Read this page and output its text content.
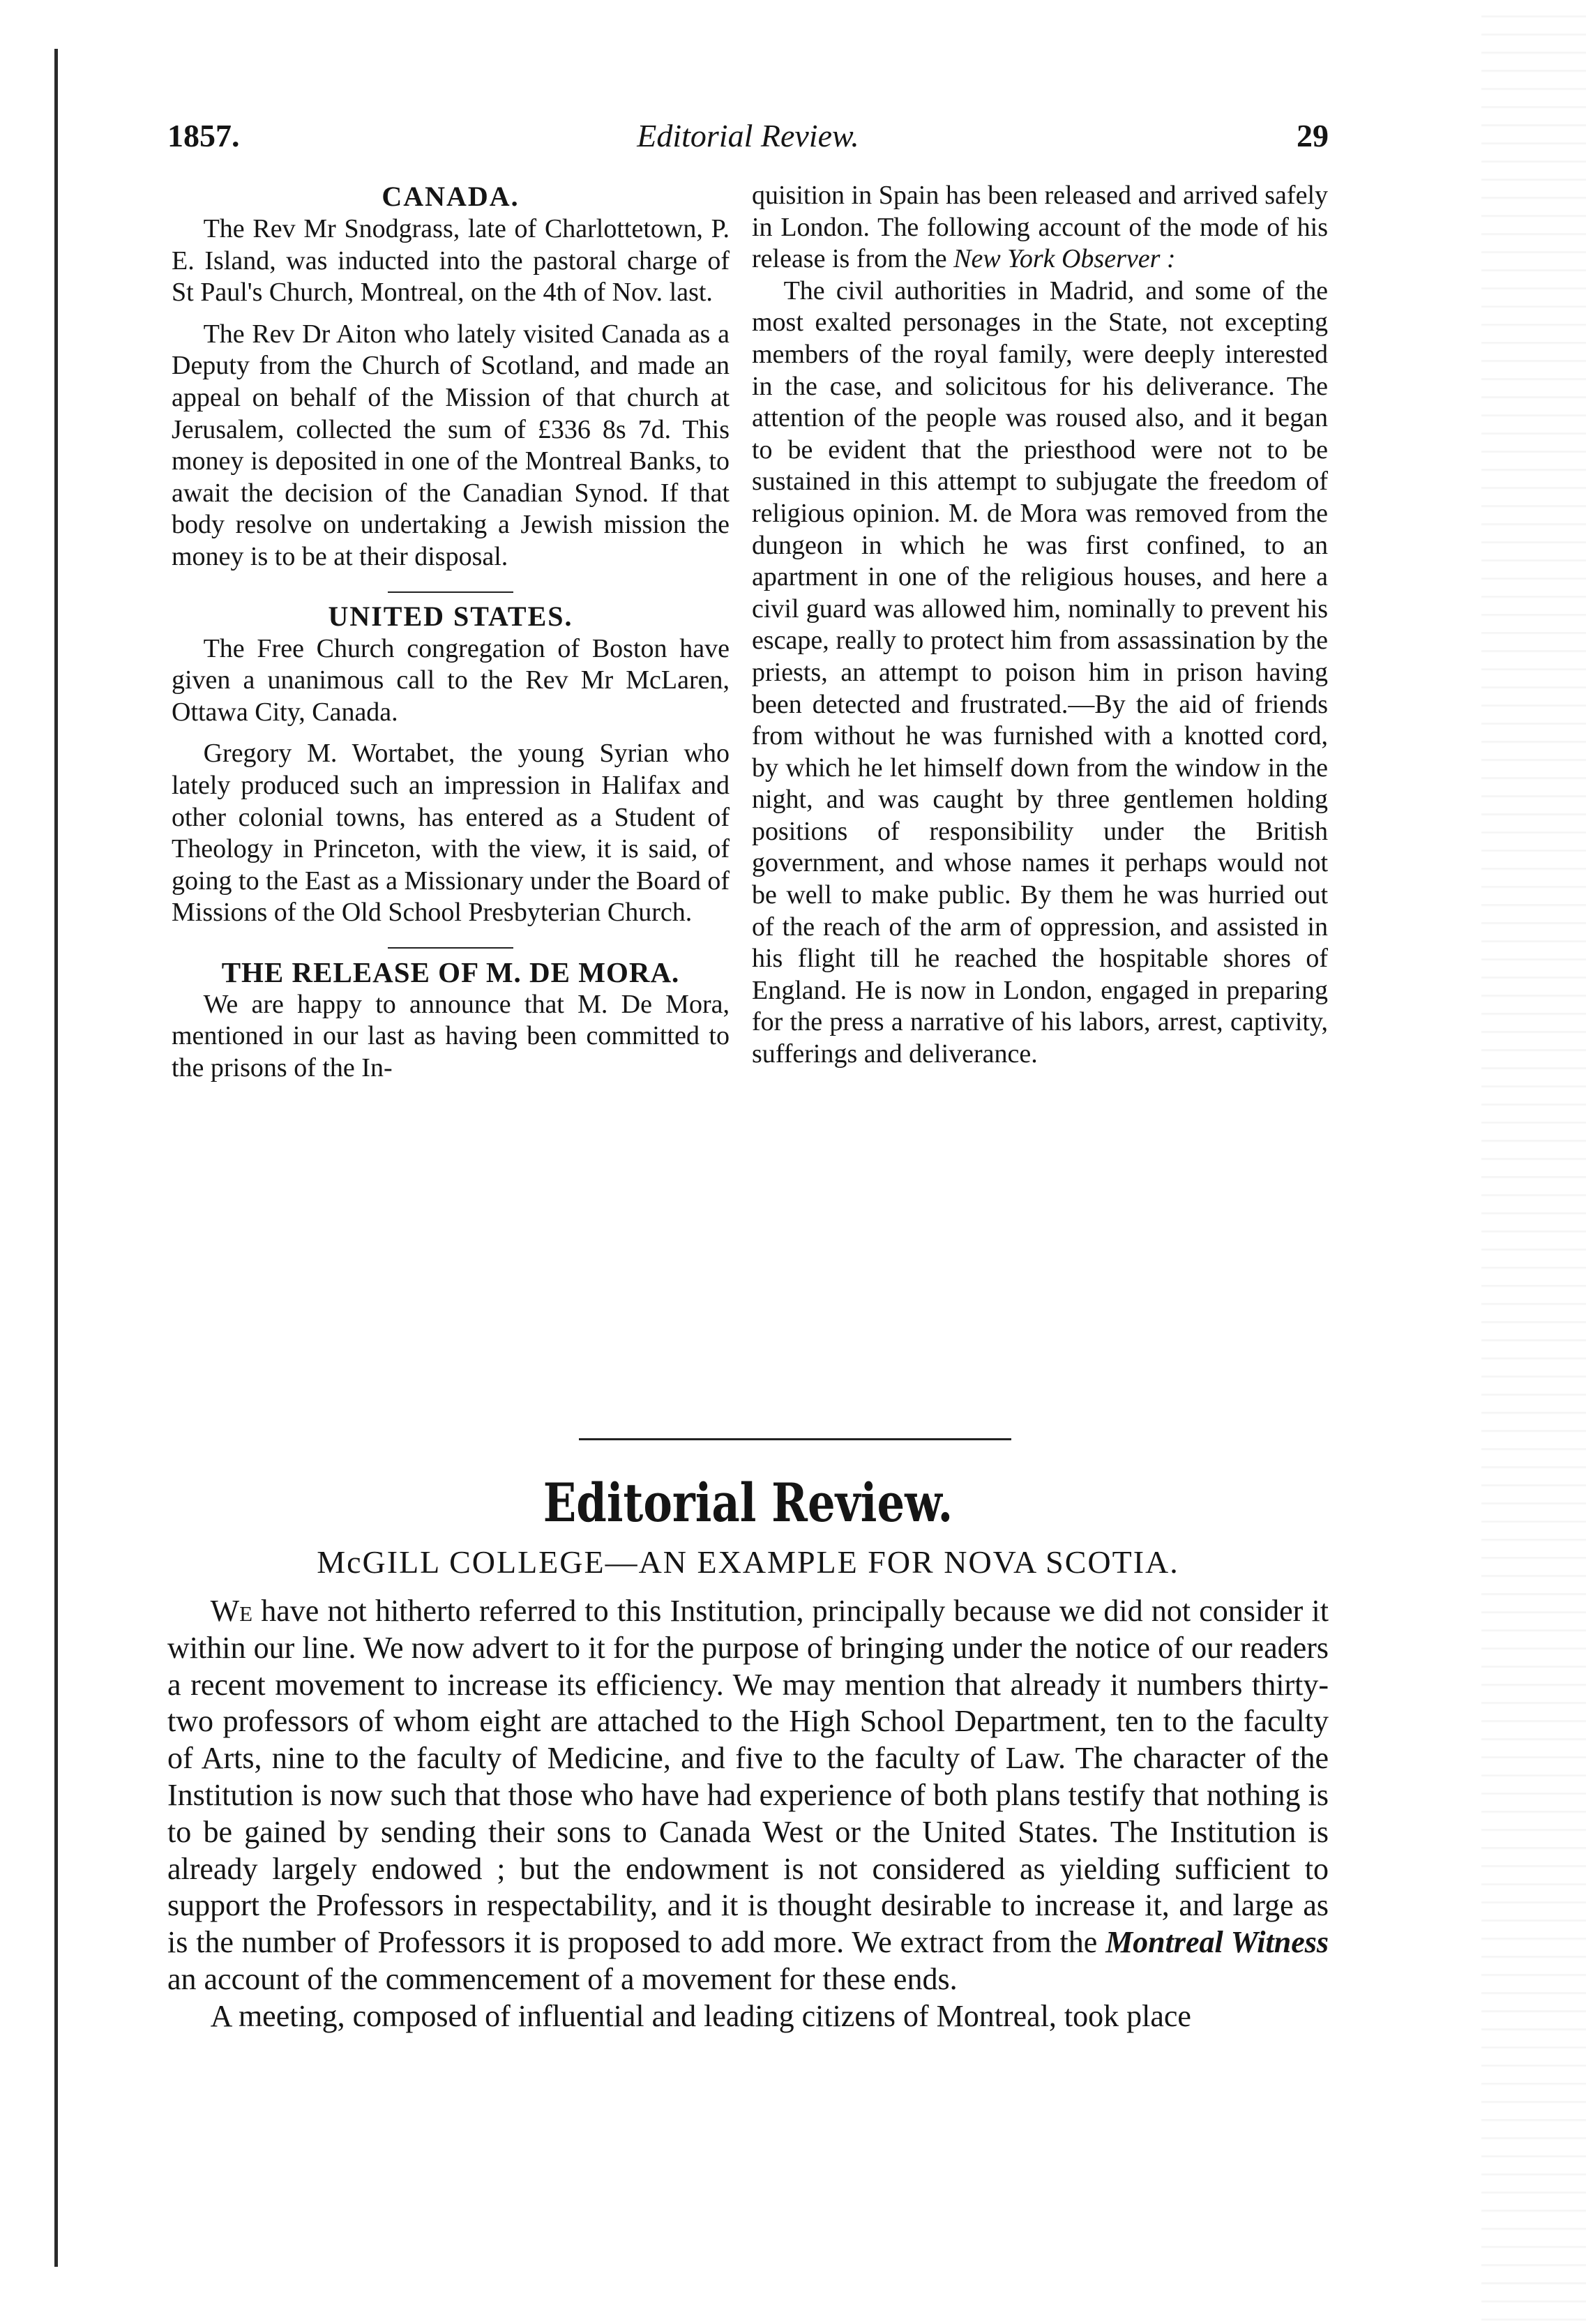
1857.	Editorial Review.	29
CANADA.

The Rev Mr Snodgrass, late of Charlottetown, P. E. Island, was inducted into the pastoral charge of St Paul's Church, Montreal, on the 4th of Nov. last.

The Rev Dr Aiton who lately visited Canada as a Deputy from the Church of Scotland, and made an appeal on behalf of the Mission of that church at Jerusalem, collected the sum of £336 8s 7d. This money is deposited in one of the Montreal Banks, to await the decision of the Canadian Synod. If that body resolve on undertaking a Jewish mission the money is to be at their disposal.

UNITED STATES.

The Free Church congregation of Boston have given a unanimous call to the Rev Mr McLaren, Ottawa City, Canada.

Gregory M. Wortabet, the young Syrian who lately produced such an impression in Halifax and other colonial towns, has entered as a Student of Theology in Princeton, with the view, it is said, of going to the East as a Missionary under the Board of Missions of the Old School Presbyterian Church.

THE RELEASE OF M. DE MORA.

We are happy to announce that M. De Mora, mentioned in our last as having been committed to the prisons of the In-

quisition in Spain has been released and arrived safely in London. The following account of the mode of his release is from the New York Observer :

The civil authorities in Madrid, and some of the most exalted personages in the State, not excepting members of the royal family, were deeply interested in the case, and solicitous for his deliverance. The attention of the people was roused also, and it began to be evident that the priesthood were not to be sustained in this attempt to subjugate the freedom of religious opinion. M. de Mora was removed from the dungeon in which he was first confined, to an apartment in one of the religious houses, and here a civil guard was allowed him, nominally to prevent his escape, really to protect him from assassination by the priests, an attempt to poison him in prison having been detected and frustrated.—By the aid of friends from without he was furnished with a knotted cord, by which he let himself down from the window in the night, and was caught by three gentlemen holding positions of responsibility under the British government, and whose names it perhaps would not be well to make public. By them he was hurried out of the reach of the arm of oppression, and assisted in his flight till he reached the hospitable shores of England. He is now in London, engaged in preparing for the press a narrative of his labors, arrest, captivity, sufferings and deliverance.

Editorial Review.
McGILL COLLEGE—AN EXAMPLE FOR NOVA SCOTIA.

We have not hitherto referred to this Institution, principally because we did not consider it within our line. We now advert to it for the purpose of bringing under the notice of our readers a recent movement to increase its efficiency. We may mention that already it numbers thirty-two professors of whom eight are attached to the High School Department, ten to the faculty of Arts, nine to the faculty of Medicine, and five to the faculty of Law. The character of the Institution is now such that those who have had experience of both plans testify that nothing is to be gained by sending their sons to Canada West or the United States. The Institution is already largely endowed ; but the endowment is not considered as yielding sufficient to support the Professors in respectability, and it is thought desirable to increase it, and large as is the number of Professors it is proposed to add more. We extract from the Montreal Witness an account of the commencement of a movement for these ends.

A meeting, composed of influential and leading citizens of Montreal, took place
